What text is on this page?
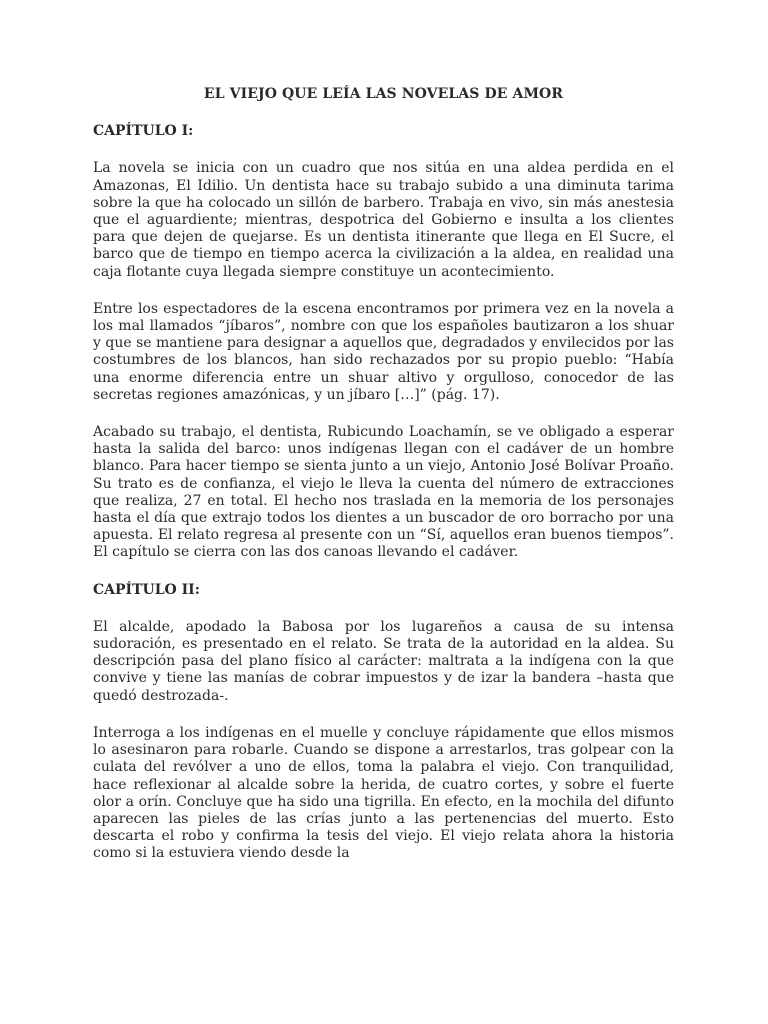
EL VIEJO QUE LEÍA LAS NOVELAS DE AMOR
CAPÍTULO I:

La novela se inicia con un cuadro que nos sitúa en una aldea perdida en el Amazonas, El Idilio. Un dentista hace su trabajo subido a una diminuta tarima sobre la que ha colocado un sillón de barbero. Trabaja en vivo, sin más anestesia que el aguardiente; mientras, despotrica del Gobierno e insulta a los clientes para que dejen de quejarse. Es un dentista itinerante que llega en El Sucre, el barco que de tiempo en tiempo acerca la civilización a la aldea, en realidad una caja flotante cuya llegada siempre constituye un acontecimiento.

Entre los espectadores de la escena encontramos por primera vez en la novela a los mal llamados “jíbaros”, nombre con que los españoles bautizaron a los shuar y que se mantiene para designar a aquellos que, degradados y envilecidos por las costumbres de los blancos, han sido rechazados por su propio pueblo: “Había una enorme diferencia entre un shuar altivo y orgulloso, conocedor de las secretas regiones amazónicas, y un jíbaro […]” (pág. 17).

Acabado su trabajo, el dentista, Rubicundo Loachamín, se ve obligado a esperar hasta la salida del barco: unos indígenas llegan con el cadáver de un hombre blanco. Para hacer tiempo se sienta junto a un viejo, Antonio José Bolívar Proaño. Su trato es de confianza, el viejo le lleva la cuenta del número de extracciones que realiza, 27 en total. El hecho nos traslada en la memoria de los personajes hasta el día que extrajo todos los dientes a un buscador de oro borracho por una apuesta. El relato regresa al presente con un “Sí, aquellos eran buenos tiempos”. El capítulo se cierra con las dos canoas llevando el cadáver.

CAPÍTULO II:

El alcalde, apodado la Babosa por los lugareños a causa de su intensa sudoración, es presentado en el relato. Se trata de la autoridad en la aldea. Su descripción pasa del plano físico al carácter: maltrata a la indígena con la que convive y tiene las manías de cobrar impuestos y de izar la bandera –hasta que quedó destrozada-.

Interroga a los indígenas en el muelle y concluye rápidamente que ellos mismos lo asesinaron para robarle. Cuando se dispone a arrestarlos, tras golpear con la culata del revólver a uno de ellos, toma la palabra el viejo. Con tranquilidad, hace reflexionar al alcalde sobre la herida, de cuatro cortes, y sobre el fuerte olor a orín. Concluye que ha sido una tigrilla. En efecto, en la mochila del difunto aparecen las pieles de las crías junto a las pertenencias del muerto. Esto descarta el robo y confirma la tesis del viejo. El viejo relata ahora la historia como si la estuviera viendo desde la
